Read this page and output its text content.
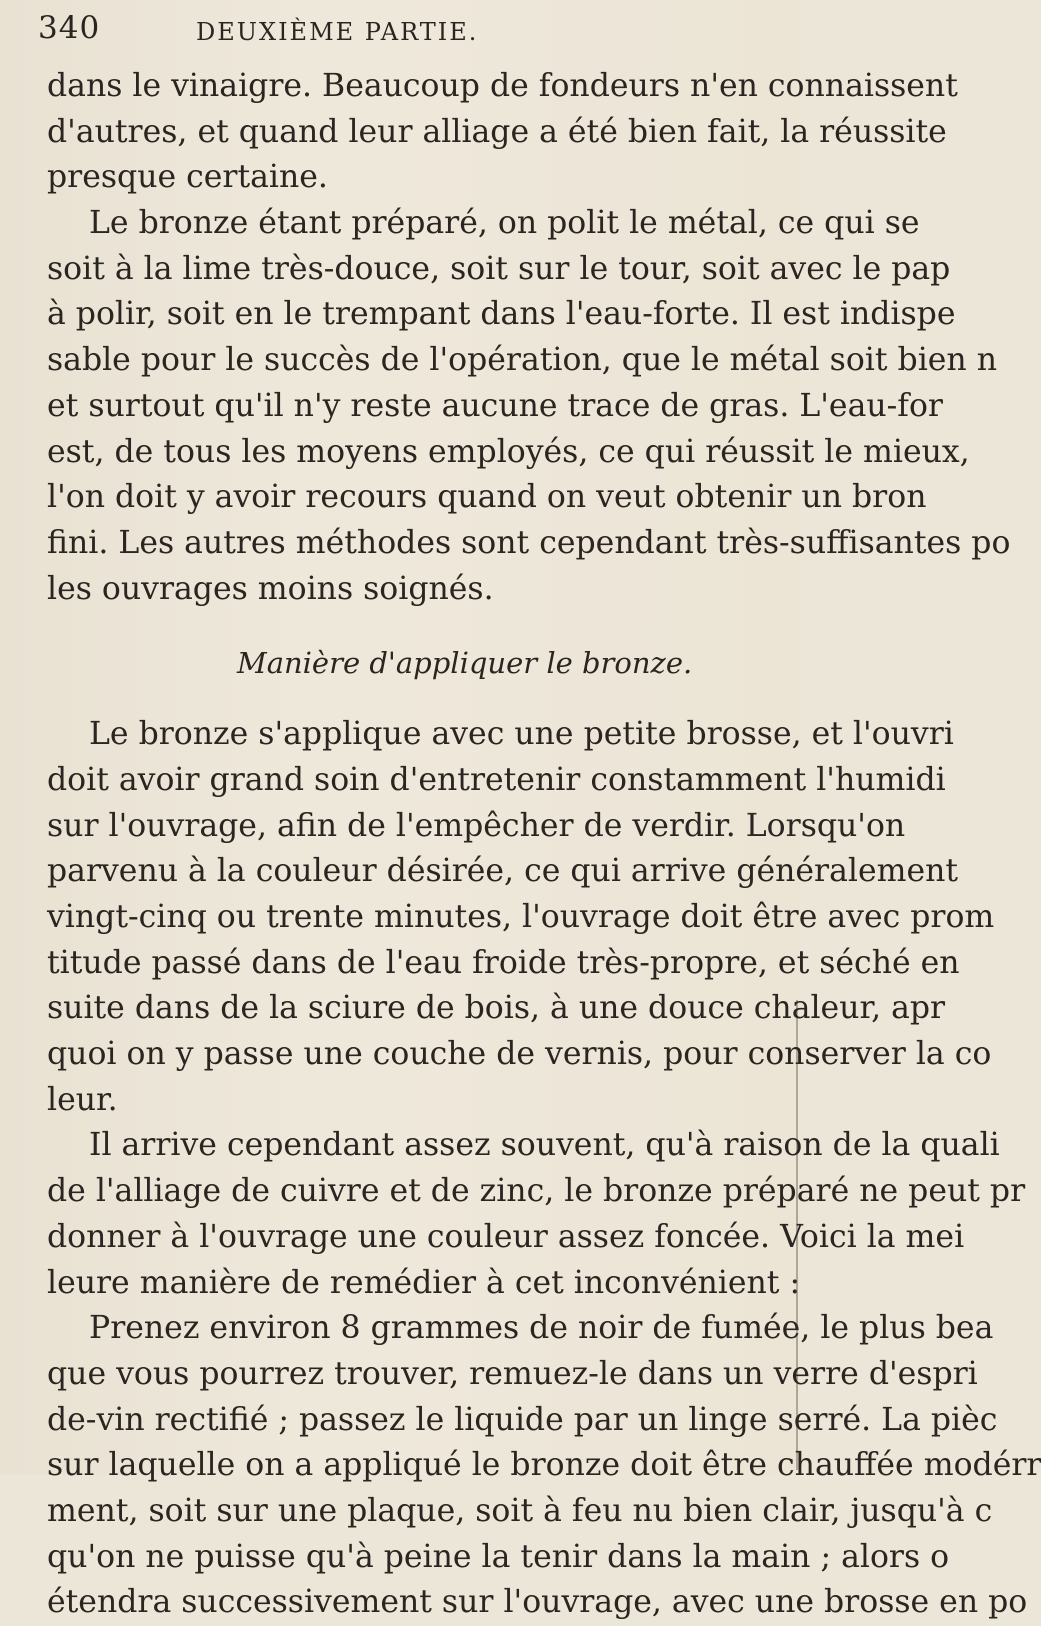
340	DEUXIÈME PARTIE.
dans le vinaigre. Beaucoup de fondeurs n'en connaissent
d'autres, et quand leur alliage a été bien fait, la réussite
presque certaine.
Le bronze étant préparé, on polit le métal, ce qui se
soit à la lime très-douce, soit sur le tour, soit avec le pap
à polir, soit en le trempant dans l'eau-forte. Il est indispe
sable pour le succès de l'opération, que le métal soit bien n
et surtout qu'il n'y reste aucune trace de gras. L'eau-for
est, de tous les moyens employés, ce qui réussit le mieux,
l'on doit y avoir recours quand on veut obtenir un bron
fini. Les autres méthodes sont cependant très-suffisantes po
les ouvrages moins soignés.
Manière d'appliquer le bronze.
Le bronze s'applique avec une petite brosse, et l'ouvri
doit avoir grand soin d'entretenir constamment l'humidi
sur l'ouvrage, afin de l'empêcher de verdir. Lorsqu'on
parvenu à la couleur désirée, ce qui arrive généralement
vingt-cinq ou trente minutes, l'ouvrage doit être avec prom
titude passé dans de l'eau froide très-propre, et séché en
suite dans de la sciure de bois, à une douce chaleur, apr
quoi on y passe une couche de vernis, pour conserver la co
leur.
Il arrive cependant assez souvent, qu'à raison de la quali
de l'alliage de cuivre et de zinc, le bronze préparé ne peut pr
donner à l'ouvrage une couleur assez foncée. Voici la mei
leure manière de remédier à cet inconvénient :
Prenez environ 8 grammes de noir de fumée, le plus bea
que vous pourrez trouver, remuez-le dans un verre d'espri
de-vin rectifié ; passez le liquide par un linge serré. La pièc
sur laquelle on a appliqué le bronze doit être chauffée modérr
ment, soit sur une plaque, soit à feu nu bien clair, jusqu'à c
qu'on ne puisse qu'à peine la tenir dans la main ; alors o
étendra successivement sur l'ouvrage, avec une brosse en po
